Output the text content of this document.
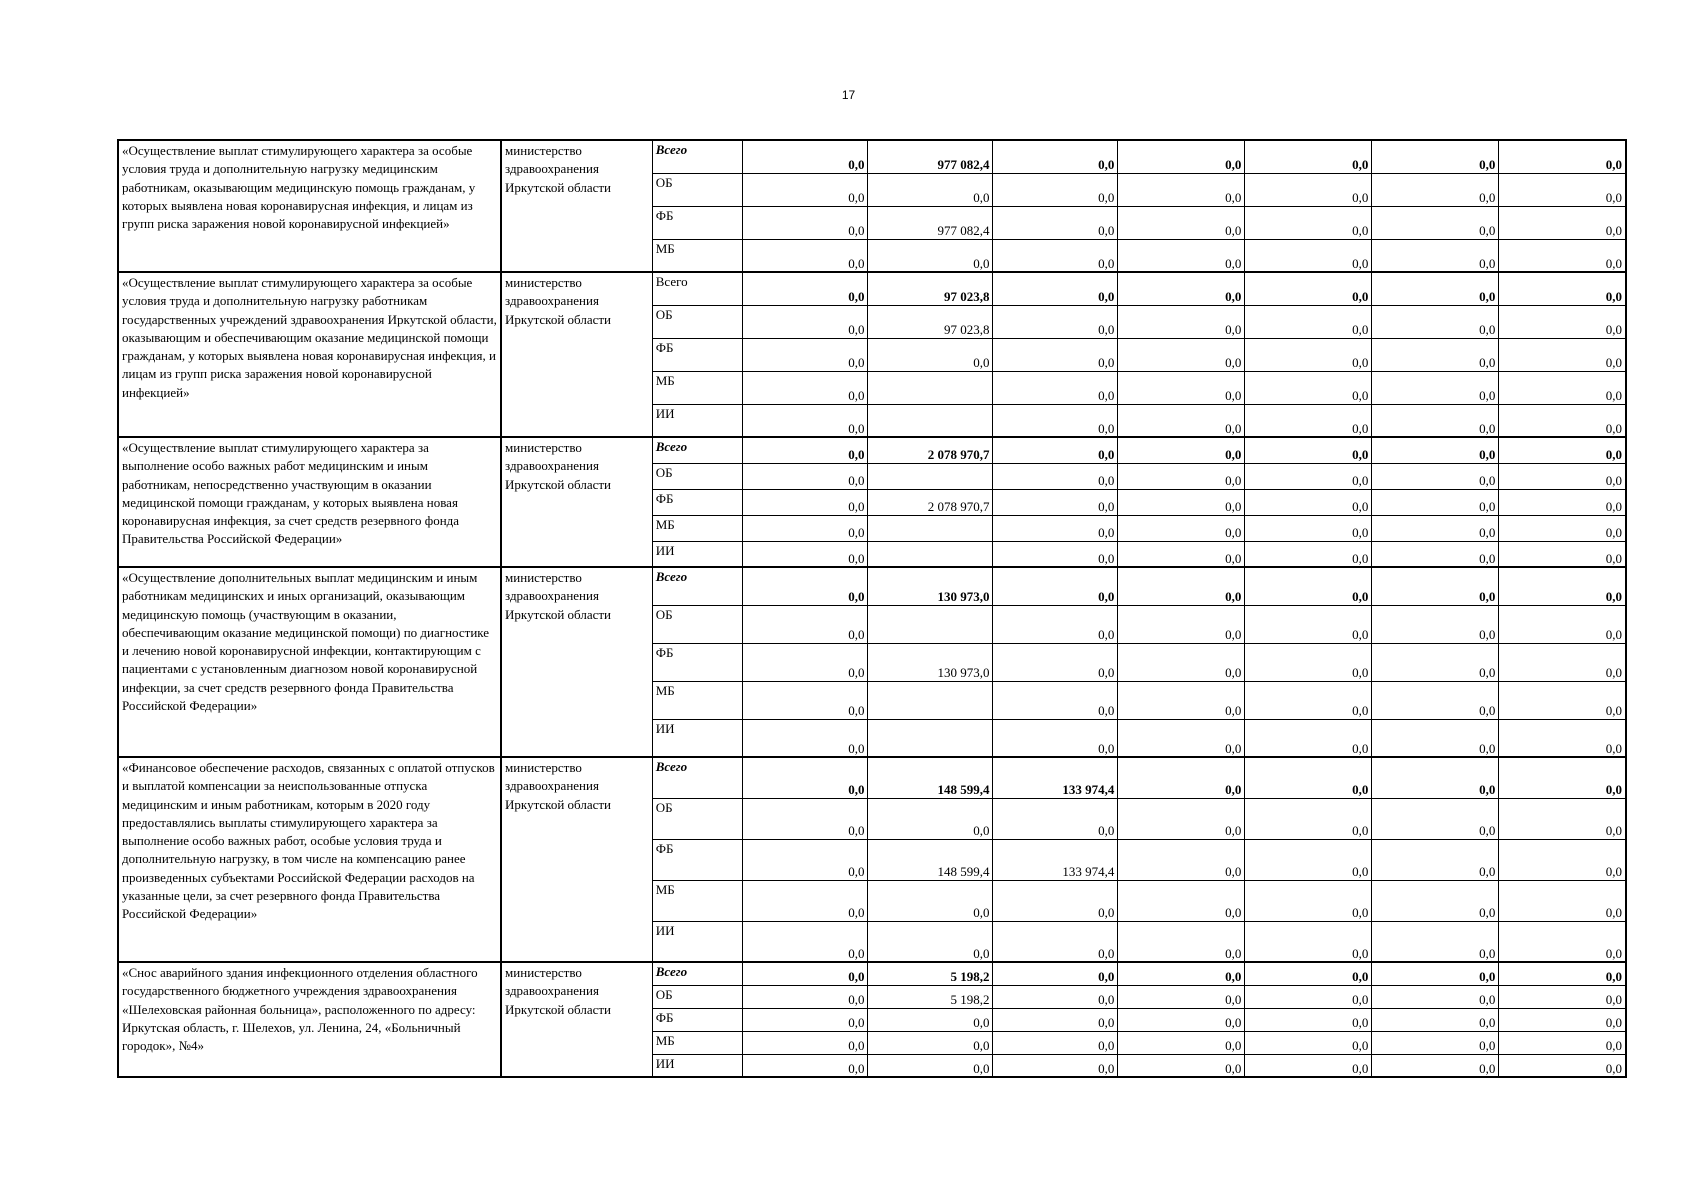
17
«Осуществление выплат стимулирующего характера за особые условия труда и дополнительную нагрузку медицинским работникам, оказывающим медицинскую помощь гражданам, у которых выявлена новая коронавирусная инфекция, и лицам из групп риска заражения новой коронавирусной инфекцией»	министерство здравоохранения Иркутской области	Всего	0,0	977 082,4	0,0	0,0	0,0	0,0	0,0
		ОБ	0,0	0,0	0,0	0,0	0,0	0,0	0,0
		ФБ	0,0	977 082,4	0,0	0,0	0,0	0,0	0,0
		МБ	0,0	0,0	0,0	0,0	0,0	0,0	0,0
«Осуществление выплат стимулирующего характера за особые условия труда и дополнительную нагрузку работникам государственных учреждений здравоохранения Иркутской области, оказывающим и обеспечивающим оказание медицинской помощи гражданам, у которых выявлена новая коронавирусная инфекция, и лицам из групп риска заражения новой коронавирусной инфекцией»	министерство здравоохранения Иркутской области	Всего	0,0	97 023,8	0,0	0,0	0,0	0,0	0,0
		ОБ	0,0	97 023,8	0,0	0,0	0,0	0,0	0,0
		ФБ	0,0	0,0	0,0	0,0	0,0	0,0	0,0
		МБ	0,0		0,0	0,0	0,0	0,0	0,0
		ИИ	0,0		0,0	0,0	0,0	0,0	0,0
«Осуществление выплат стимулирующего характера за выполнение особо важных работ медицинским и иным работникам, непосредственно участвующим в оказании медицинской помощи гражданам, у которых выявлена новая коронавирусная инфекция, за счет средств резервного фонда Правительства Российской Федерации»	министерство здравоохранения Иркутской области	Всего	0,0	2 078 970,7	0,0	0,0	0,0	0,0	0,0
		ОБ	0,0		0,0	0,0	0,0	0,0	0,0
		ФБ	0,0	2 078 970,7	0,0	0,0	0,0	0,0	0,0
		МБ	0,0		0,0	0,0	0,0	0,0	0,0
		ИИ	0,0		0,0	0,0	0,0	0,0	0,0
«Осуществление дополнительных выплат медицинским и иным работникам медицинских и иных организаций, оказывающим медицинскую помощь (участвующим в оказании, обеспечивающим оказание медицинской помощи) по диагностике и лечению новой коронавирусной инфекции, контактирующим с пациентами с установленным диагнозом новой коронавирусной инфекции, за счет средств резервного фонда Правительства Российской Федерации»	министерство здравоохранения Иркутской области	Всего	0,0	130 973,0	0,0	0,0	0,0	0,0	0,0
		ОБ	0,0		0,0	0,0	0,0	0,0	0,0
		ФБ	0,0	130 973,0	0,0	0,0	0,0	0,0	0,0
		МБ	0,0		0,0	0,0	0,0	0,0	0,0
		ИИ	0,0		0,0	0,0	0,0	0,0	0,0
«Финансовое обеспечение расходов, связанных с оплатой отпусков и выплатой компенсации за неиспользованные отпуска медицинским и иным работникам, которым в 2020 году предоставлялись выплаты стимулирующего характера за выполнение особо важных работ, особые условия труда и дополнительную нагрузку, в том числе на компенсацию ранее произведенных субъектами Российской Федерации расходов на указанные цели, за счет резервного фонда Правительства Российской Федерации»	министерство здравоохранения Иркутской области	Всего	0,0	148 599,4	133 974,4	0,0	0,0	0,0	0,0
		ОБ	0,0	0,0	0,0	0,0	0,0	0,0	0,0
		ФБ	0,0	148 599,4	133 974,4	0,0	0,0	0,0	0,0
		МБ	0,0	0,0	0,0	0,0	0,0	0,0	0,0
		ИИ	0,0	0,0	0,0	0,0	0,0	0,0	0,0
«Снос аварийного здания инфекционного отделения областного государственного бюджетного учреждения здравоохранения «Шелеховская районная больница», расположенного по адресу: Иркутская область, г. Шелехов, ул. Ленина, 24, «Больничный городок», №4»	министерство здравоохранения Иркутской области	Всего	0,0	5 198,2	0,0	0,0	0,0	0,0	0,0
		ОБ	0,0	5 198,2	0,0	0,0	0,0	0,0	0,0
		ФБ	0,0	0,0	0,0	0,0	0,0	0,0	0,0
		МБ	0,0	0,0	0,0	0,0	0,0	0,0	0,0
		ИИ	0,0	0,0	0,0	0,0	0,0	0,0	0,0
